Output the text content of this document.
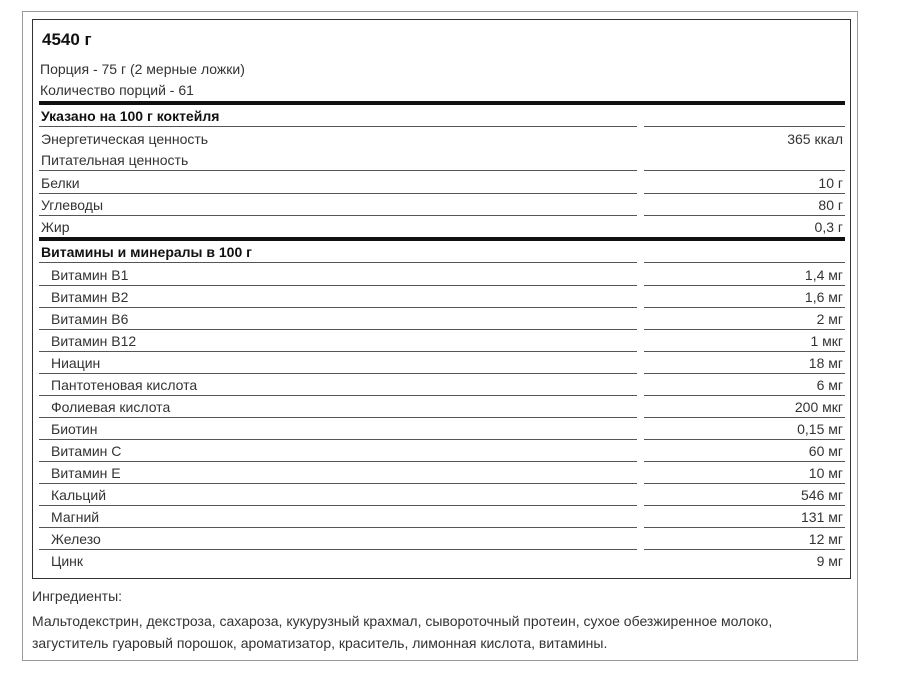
4540 г
Порция - 75 г (2 мерные ложки)
Количество порций - 61
Указано на 100 г коктейля
Энергетическая ценность	365 ккал
Питательная ценность
Белки	10 г
Углеводы	80 г
Жир	0,3 г
Витамины и минералы в 100 г
Витамин B1	1,4 мг
Витамин B2	1,6 мг
Витамин B6	2 мг
Витамин B12	1 мкг
Ниацин	18 мг
Пантотеновая кислота	6 мг
Фолиевая кислота	200 мкг
Биотин	0,15 мг
Витамин C	60 мг
Витамин E	10 мг
Кальций	546 мг
Магний	131 мг
Железо	12 мг
Цинк	9 мг
Ингредиенты:
Мальтодекстрин, декстроза, сахароза, кукурузный крахмал, сывороточный протеин, сухое обезжиренное молоко, загуститель гуаровый порошок, ароматизатор, краситель, лимонная кислота, витамины.
